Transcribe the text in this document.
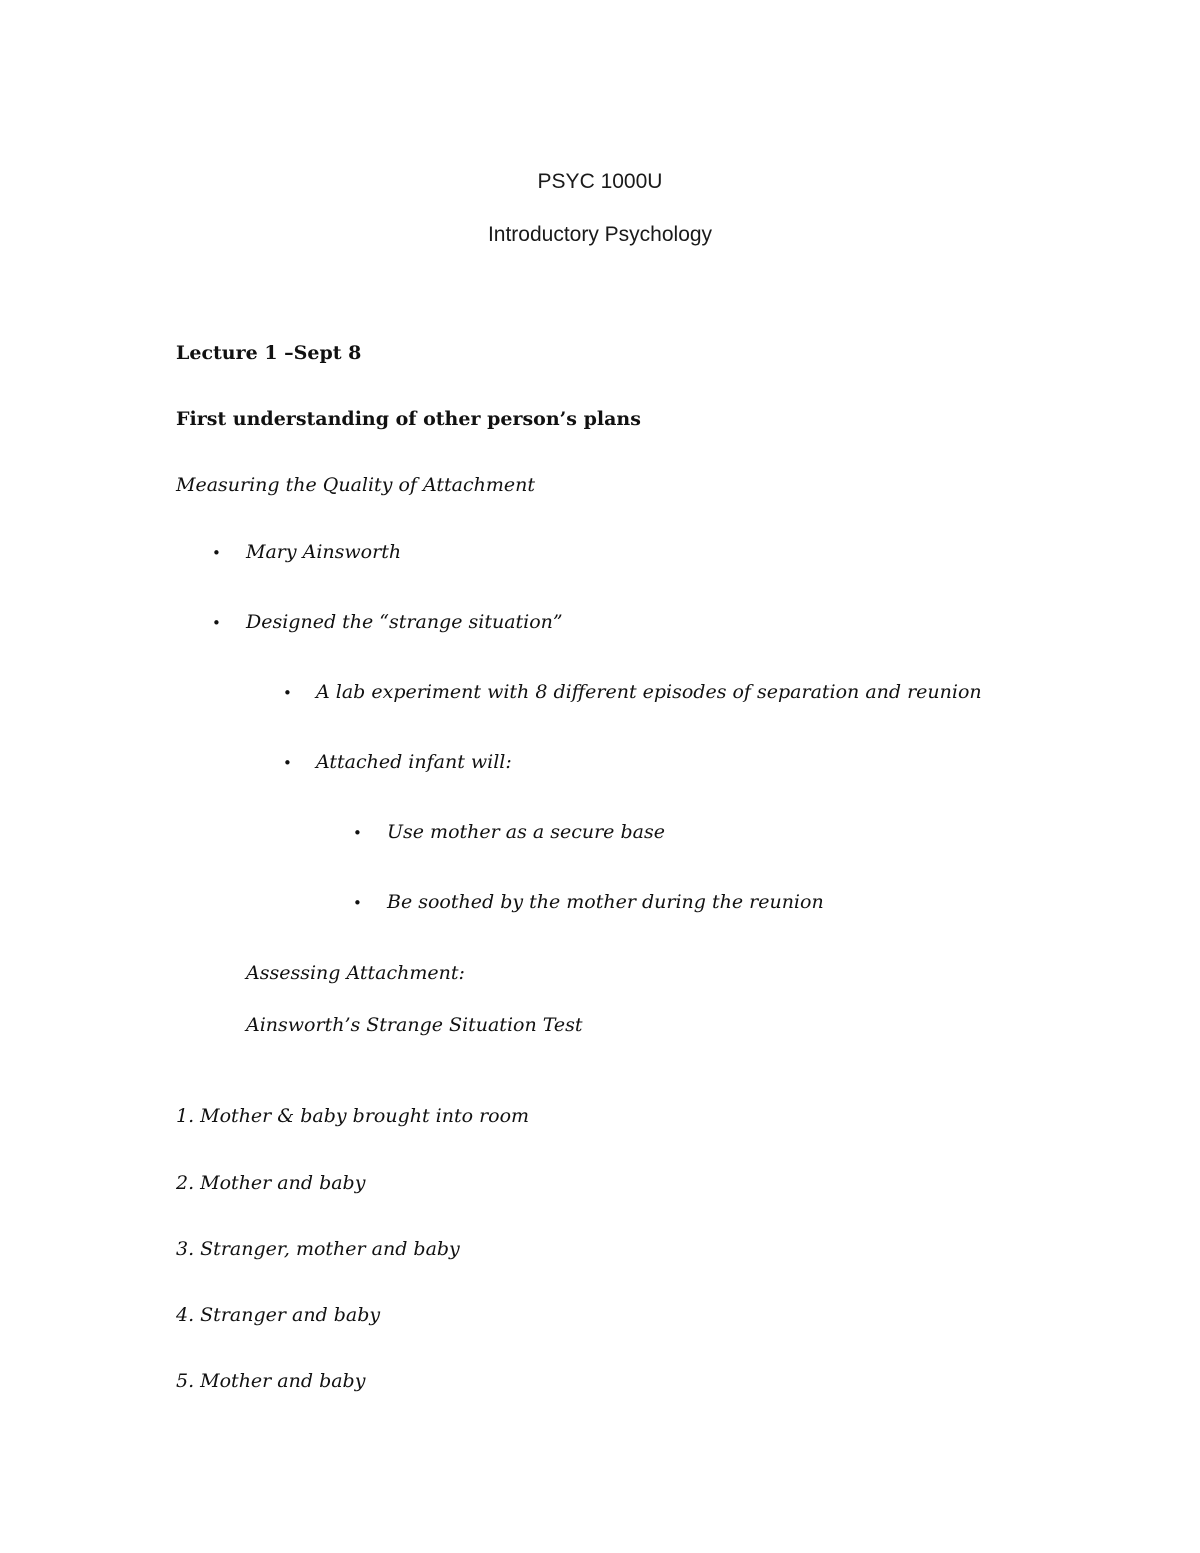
PSYC 1000U
Introductory Psychology
Lecture 1 –Sept 8
First understanding of other person’s plans
Measuring the Quality of Attachment
• Mary Ainsworth
• Designed the “strange situation”
• A lab experiment with 8 different episodes of separation and reunion
• Attached infant will:
• Use mother as a secure base
• Be soothed by the mother during the reunion
Assessing Attachment:
Ainsworth’s Strange Situation Test
1. Mother & baby brought into room
2. Mother and baby
3. Stranger, mother and baby
4. Stranger and baby
5. Mother and baby
